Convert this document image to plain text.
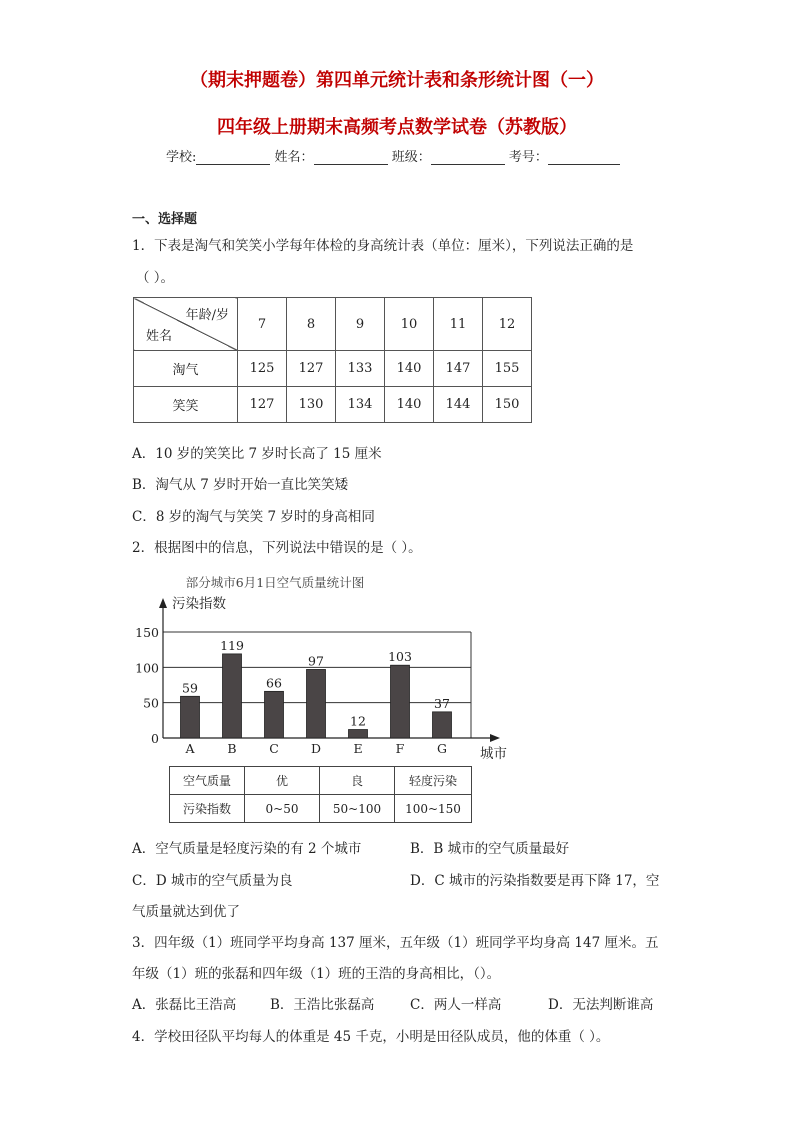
（期末押题卷）第四单元统计表和条形统计图（一）
四年级上册期末高频考点数学试卷（苏教版）
学校:	姓名：	班级：	考号：
一、选择题
1．下表是淘气和笑笑小学每年体检的身高统计表（单位：厘米），下列说法正确的是
（ ）。
年龄/岁
姓名	7	8	9	10	11	12
淘气	125	127	133	140	147	155
笑笑	127	130	134	140	144	150
A．10 岁的笑笑比 7 岁时长高了 15 厘米
B．淘气从 7 岁时开始一直比笑笑矮
C．8 岁的淘气与笑笑 7 岁时的身高相同
2．根据图中的信息，下列说法中错误的是（ ）。
部分城市6月1日空气质量统计图
污染指数
城市
0
50
100
150
59
A
119
B
66
C
97
D
12
E
103
F
37
G
空气质量	优	良	轻度污染
污染指数	0~50	50~100	100~150
A．空气质量是轻度污染的有 2 个城市	B．B 城市的空气质量最好
C．D 城市的空气质量为良	D．C 城市的污染指数要是再下降 17，空
气质量就达到优了
3．四年级（1）班同学平均身高 137 厘米，五年级（1）班同学平均身高 147 厘米。五
年级（1）班的张磊和四年级（1）班的王浩的身高相比，（）。
A．张磊比王浩高	B．王浩比张磊高	C．两人一样高	D．无法判断谁高
4．学校田径队平均每人的体重是 45 千克，小明是田径队成员，他的体重（ ）。
